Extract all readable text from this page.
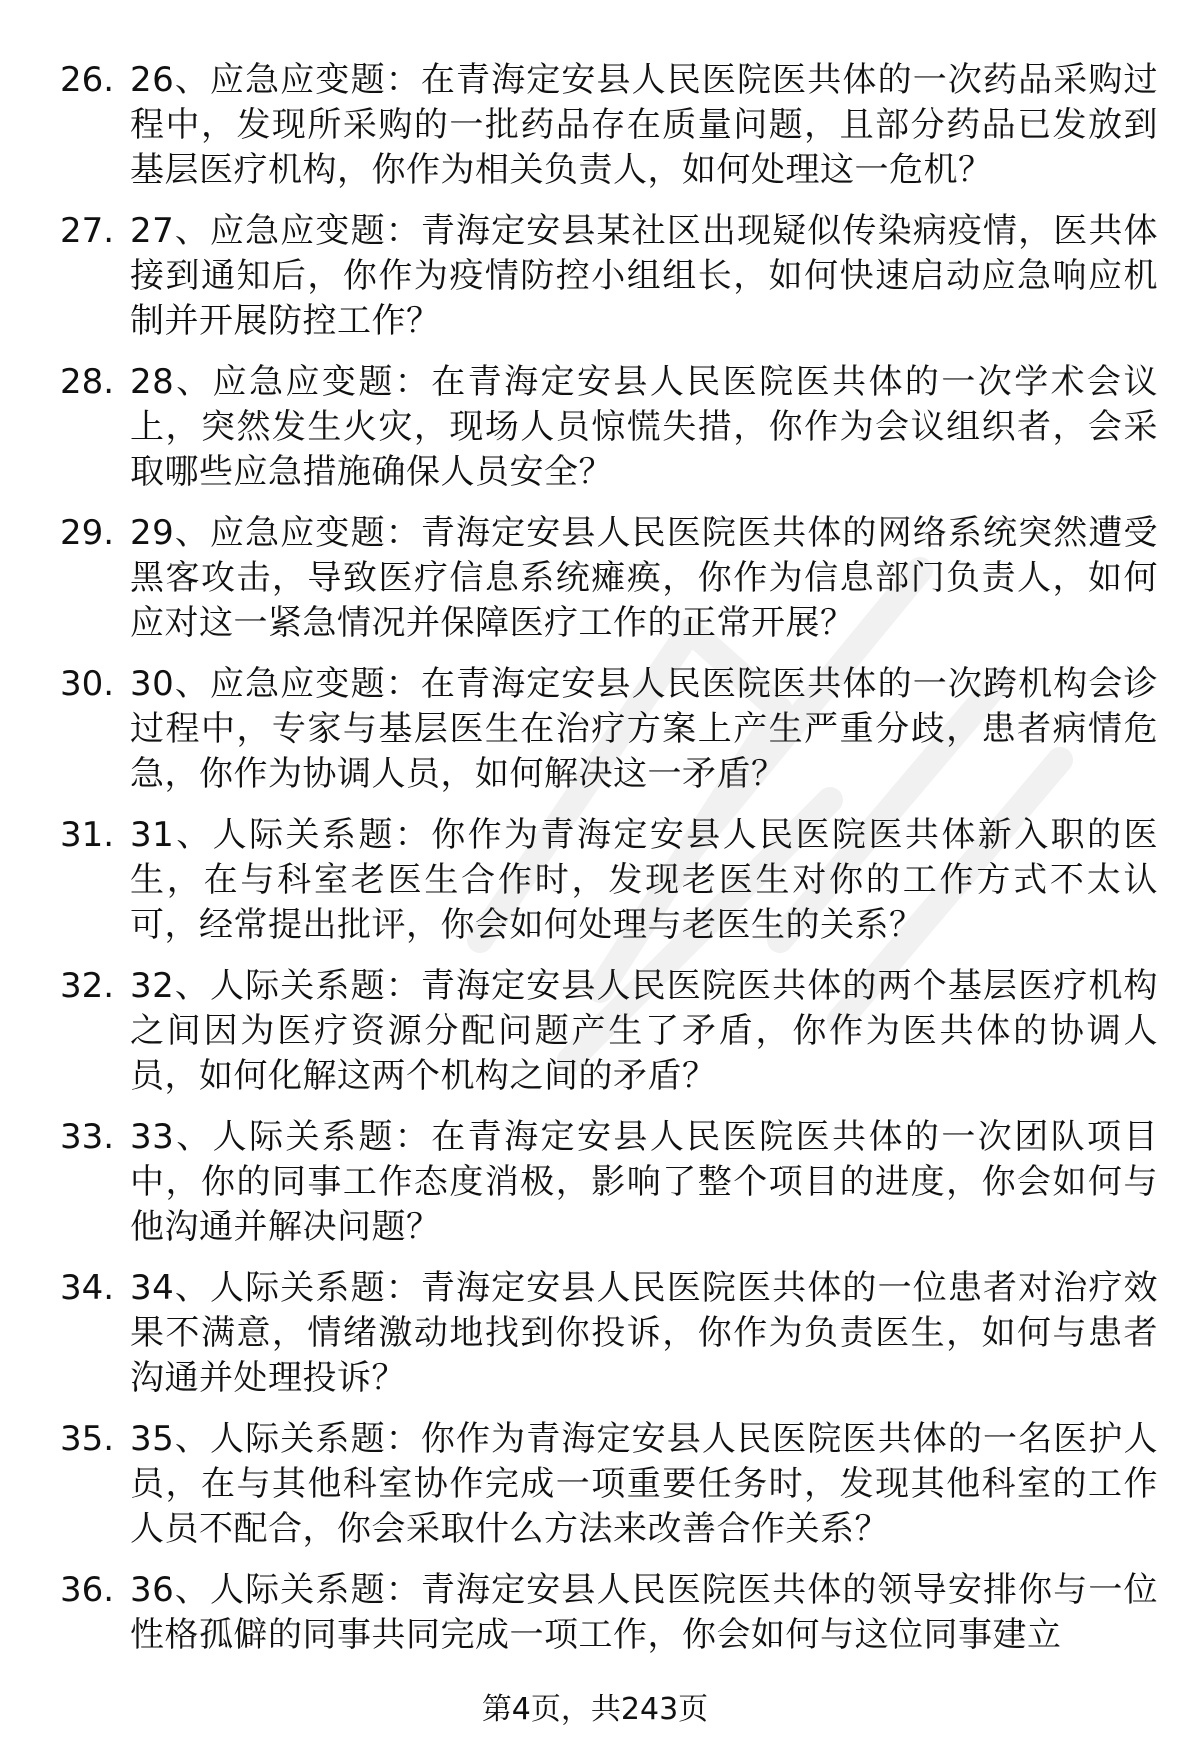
26. 26、应急应变题：在青海定安县人民医院医共体的一次药品采购过程中，发现所采购的一批药品存在质量问题，且部分药品已发放到基层医疗机构，你作为相关负责人，如何处理这一危机？
27. 27、应急应变题：青海定安县某社区出现疑似传染病疫情，医共体接到通知后，你作为疫情防控小组组长，如何快速启动应急响应机制并开展防控工作？
28. 28、应急应变题：在青海定安县人民医院医共体的一次学术会议上，突然发生火灾，现场人员惊慌失措，你作为会议组织者，会采取哪些应急措施确保人员安全？
29. 29、应急应变题：青海定安县人民医院医共体的网络系统突然遭受黑客攻击，导致医疗信息系统瘫痪，你作为信息部门负责人，如何应对这一紧急情况并保障医疗工作的正常开展？
30. 30、应急应变题：在青海定安县人民医院医共体的一次跨机构会诊过程中，专家与基层医生在治疗方案上产生严重分歧，患者病情危急，你作为协调人员，如何解决这一矛盾？
31. 31、人际关系题：你作为青海定安县人民医院医共体新入职的医生，在与科室老医生合作时，发现老医生对你的工作方式不太认可，经常提出批评，你会如何处理与老医生的关系？
32. 32、人际关系题：青海定安县人民医院医共体的两个基层医疗机构之间因为医疗资源分配问题产生了矛盾，你作为医共体的协调人员，如何化解这两个机构之间的矛盾？
33. 33、人际关系题：在青海定安县人民医院医共体的一次团队项目中，你的同事工作态度消极，影响了整个项目的进度，你会如何与他沟通并解决问题？
34. 34、人际关系题：青海定安县人民医院医共体的一位患者对治疗效果不满意，情绪激动地找到你投诉，你作为负责医生，如何与患者沟通并处理投诉？
35. 35、人际关系题：你作为青海定安县人民医院医共体的一名医护人员，在与其他科室协作完成一项重要任务时，发现其他科室的工作人员不配合，你会采取什么方法来改善合作关系？
36. 36、人际关系题：青海定安县人民医院医共体的领导安排你与一位性格孤僻的同事共同完成一项工作，你会如何与这位同事建立
第4页，共243页
